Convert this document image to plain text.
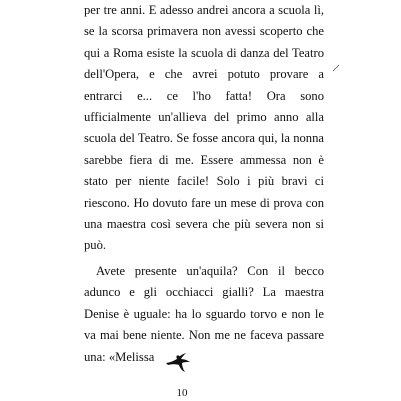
per tre anni. E adesso andrei ancora a scuola lì, se la scorsa primavera non avessi scoperto che qui a Roma esiste la scuola di danza del Teatro dell'Opera, e che avrei potuto provare a entrarci e... ce l'ho fatta! Ora sono ufficialmente un'allieva del primo anno alla scuola del Teatro. Se fosse ancora qui, la nonna sarebbe fiera di me. Essere ammessa non è stato per niente facile! Solo i più bravi ci riescono. Ho dovuto fare un mese di prova con una maestra così severa che più severa non si può.

Avete presente un'aquila? Con il becco adunco e gli occhiacci gialli? La maestra Denise è uguale: ha lo sguardo torvo e non le va mai bene niente. Non me ne faceva passare una: «Melissa

10
